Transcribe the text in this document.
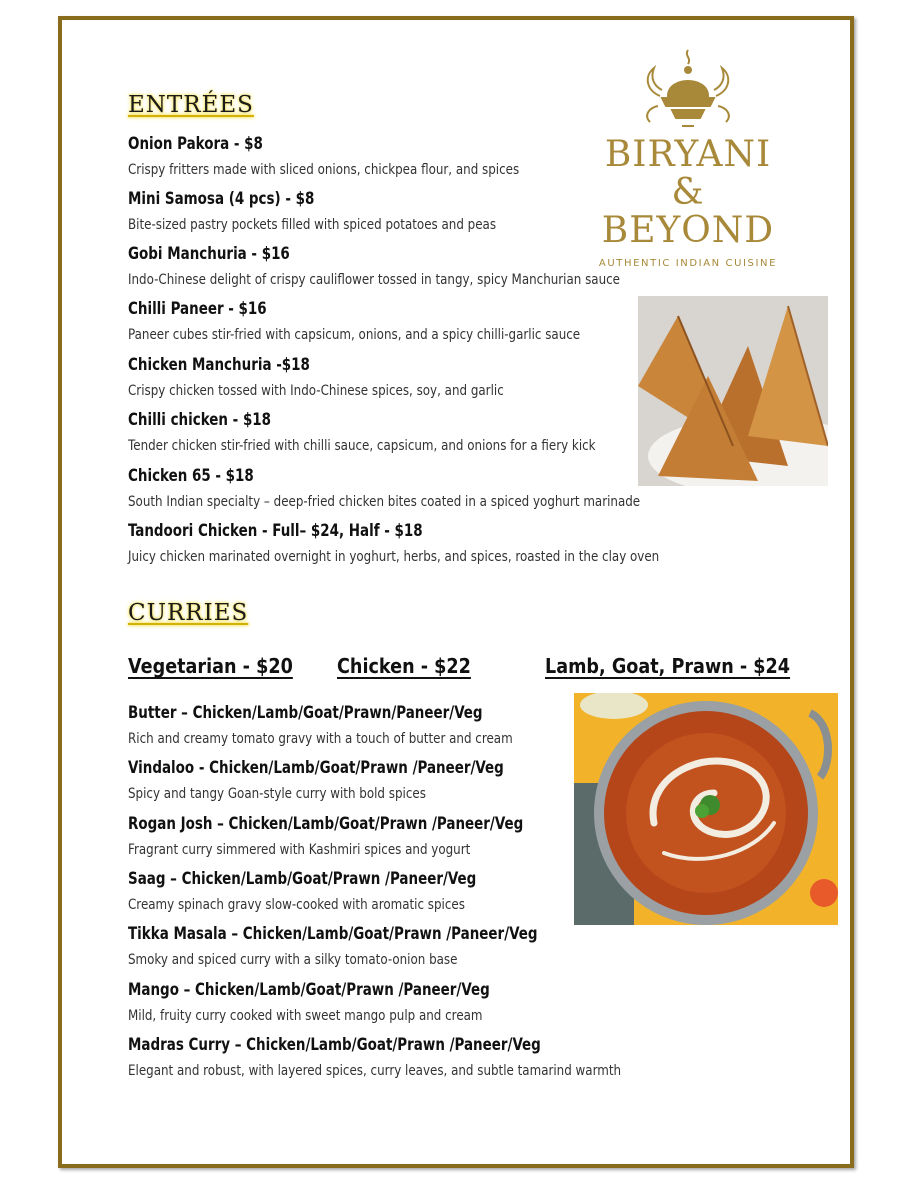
BIRYANI
& BEYOND
AUTHENTIC INDIAN CUISINE
ENTRÉES
Onion Pakora - $8
Crispy fritters made with sliced onions, chickpea flour, and spices
Mini Samosa (4 pcs) - $8
Bite-sized pastry pockets filled with spiced potatoes and peas
Gobi Manchuria - $16
Indo-Chinese delight of crispy cauliflower tossed in tangy, spicy Manchurian sauce
Chilli Paneer - $16
Paneer cubes stir-fried with capsicum, onions, and a spicy chilli-garlic sauce
Chicken Manchuria -$18
Crispy chicken tossed with Indo-Chinese spices, soy, and garlic
Chilli chicken - $18
Tender chicken stir-fried with chilli sauce, capsicum, and onions for a fiery kick
Chicken 65 - $18
South Indian specialty – deep-fried chicken bites coated in a spiced yoghurt marinade
Tandoori Chicken - Full– $24, Half - $18
Juicy chicken marinated overnight in yoghurt, herbs, and spices, roasted in the clay oven
CURRIES
Vegetarian - $20 Chicken - $22	Lamb, Goat, Prawn - $24
Butter – Chicken/Lamb/Goat/Prawn/Paneer/Veg
Rich and creamy tomato gravy with a touch of butter and cream
Vindaloo - Chicken/Lamb/Goat/Prawn /Paneer/Veg
Spicy and tangy Goan-style curry with bold spices
Rogan Josh – Chicken/Lamb/Goat/Prawn /Paneer/Veg
Fragrant curry simmered with Kashmiri spices and yogurt
Saag – Chicken/Lamb/Goat/Prawn /Paneer/Veg
Creamy spinach gravy slow-cooked with aromatic spices
Tikka Masala – Chicken/Lamb/Goat/Prawn /Paneer/Veg
Smoky and spiced curry with a silky tomato-onion base
Mango – Chicken/Lamb/Goat/Prawn /Paneer/Veg
Mild, fruity curry cooked with sweet mango pulp and cream
Madras Curry – Chicken/Lamb/Goat/Prawn /Paneer/Veg
Elegant and robust, with layered spices, curry leaves, and subtle tamarind warmth
